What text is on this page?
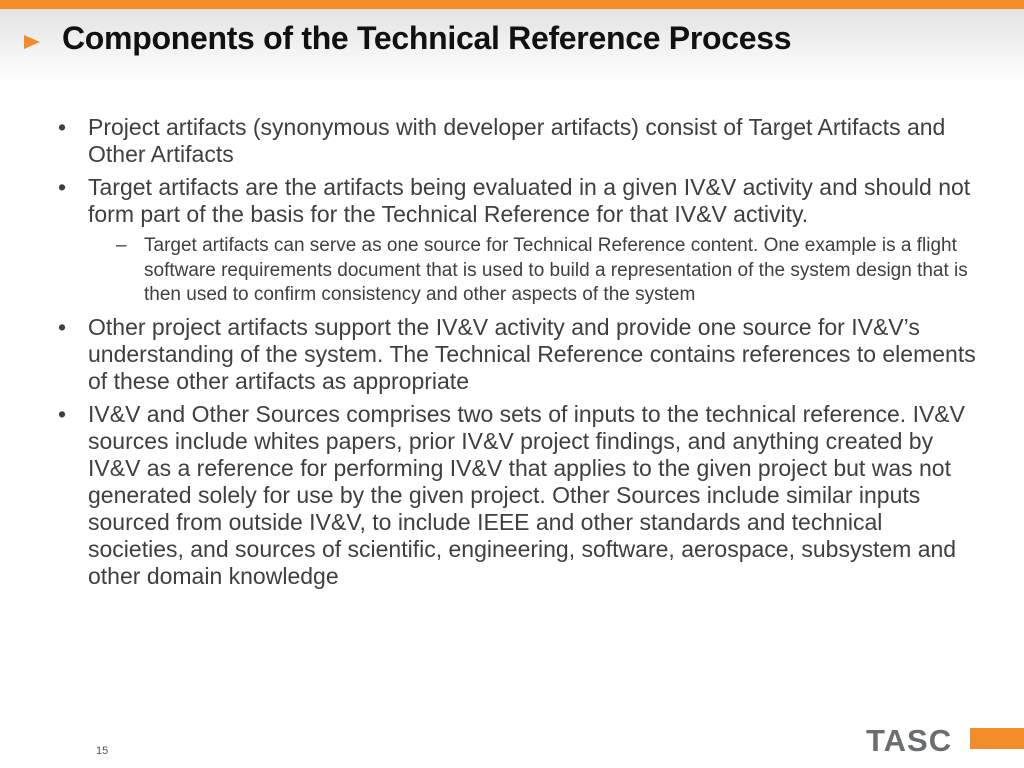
Components of the Technical Reference Process

• Project artifacts (synonymous with developer artifacts) consist of Target Artifacts and Other Artifacts

• Target artifacts are the artifacts being evaluated in a given IV&V activity and should not form part of the basis for the Technical Reference for that IV&V activity.

– Target artifacts can serve as one source for Technical Reference content. One example is a flight software requirements document that is used to build a representation of the system design that is then used to confirm consistency and other aspects of the system

• Other project artifacts support the IV&V activity and provide one source for IV&V’s understanding of the system. The Technical Reference contains references to elements of these other artifacts as appropriate

• IV&V and Other Sources comprises two sets of inputs to the technical reference. IV&V sources include whites papers, prior IV&V project findings, and anything created by IV&V as a reference for performing IV&V that applies to the given project but was not generated solely for use by the given project. Other Sources include similar inputs sourced from outside IV&V, to include IEEE and other standards and technical societies, and sources of scientific, engineering, software, aerospace, subsystem and other domain knowledge

15	TASC
